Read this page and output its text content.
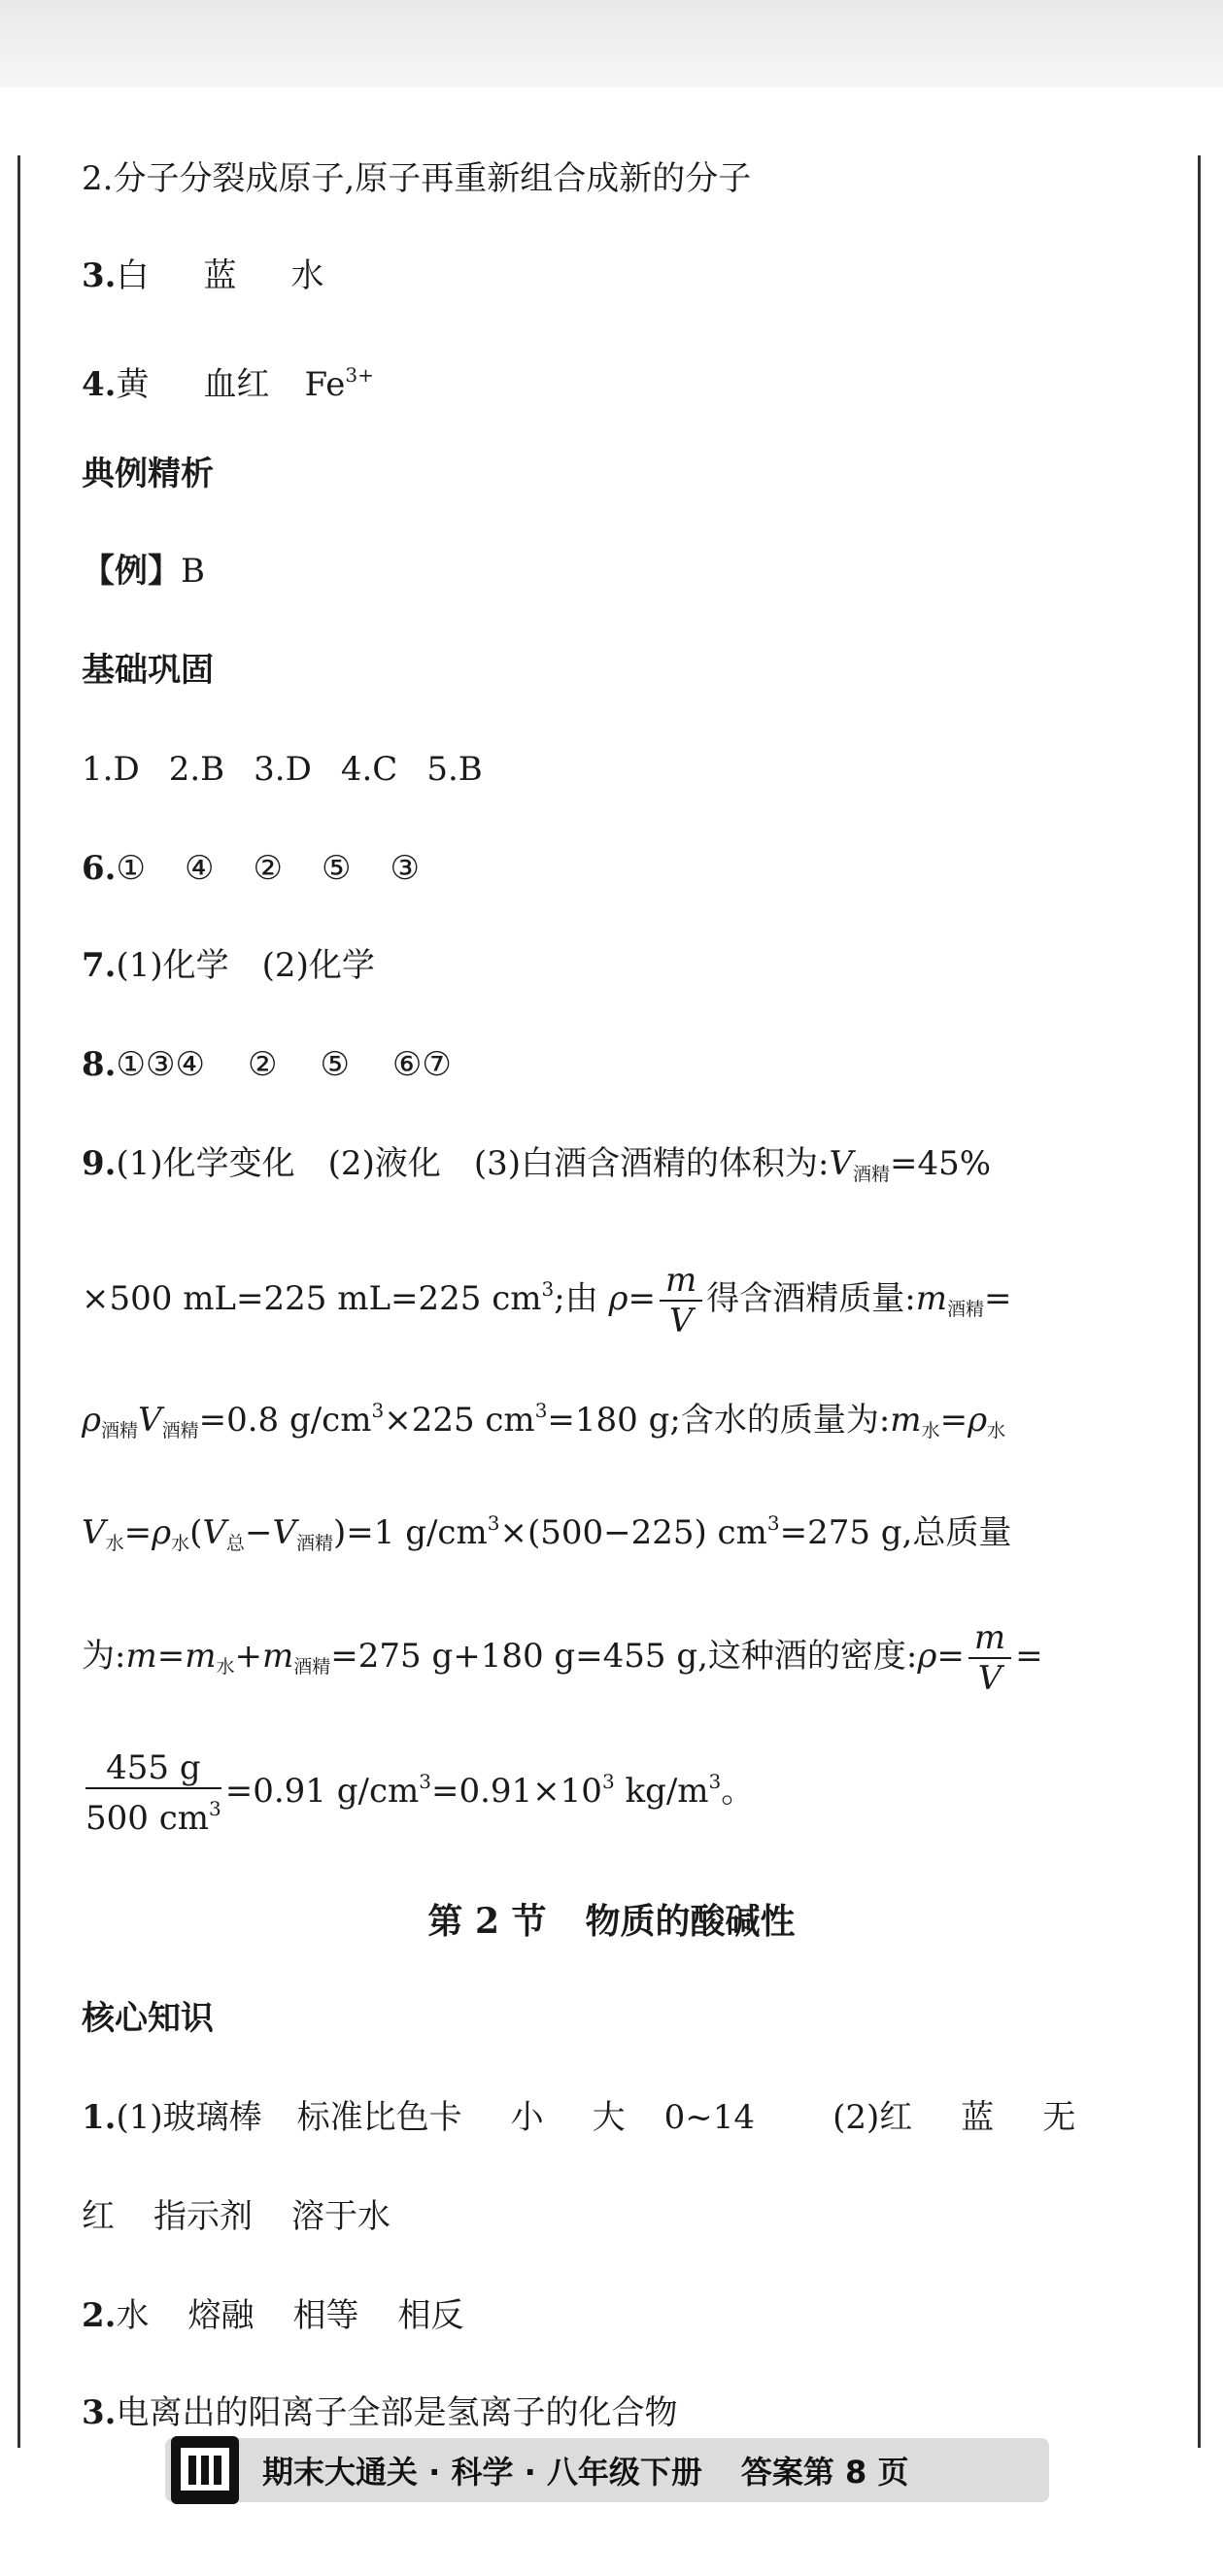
2.分子分裂成原子,原子再重新组合成新的分子
3.白 蓝 水
4.黄 血红 $Fe^{3+}$
典例精析
【例】B
基础巩固
1.D 2.B 3.D 4.C 5.B
6.① ④ ② ⑤ ③
7.(1)化学 (2)化学
8.①③④ ② ⑤ ⑥⑦
9.(1)化学变化 (2)液化 (3)白酒含酒精的体积为$:V_{酒精}=45\%$
×500 mL=225 mL=225 $cm^3$;由 $\rho= \frac{m}{V}$ 得含酒精质量$:m_{酒精}=$
$\rho_{酒精}V_{酒精}=0.8$ $g/cm^3\times 225$ $cm^3=180$ g;含水的质量为$:m_水=\rho_水$
$V_水=\rho_水(V_总-V_{酒精})=1$ $g/cm^3\times(500-225)$ $cm^3=275$ g,总质量
为$:m=m_水+m_{酒精}=275$ g+180 g=455 g,这种酒的密度:ρ= $\frac{m}{V}$ =
$\frac{455 g}{500 cm^3} =0.91$ $g/cm^3=0.91\times 10^3$ $kg/m^3$。
第 2 节 物质的酸碱性
核心知识
1.(1)玻璃棒 标准比色卡 小 大 0~14 (2)红 蓝 无
红 指示剂 溶于水
2.水 熔融 相等 相反
3.电离出的阳离子全部是氢离子的化合物
期末大通关 · 科学 · 八年级下册 答案第 8 页
